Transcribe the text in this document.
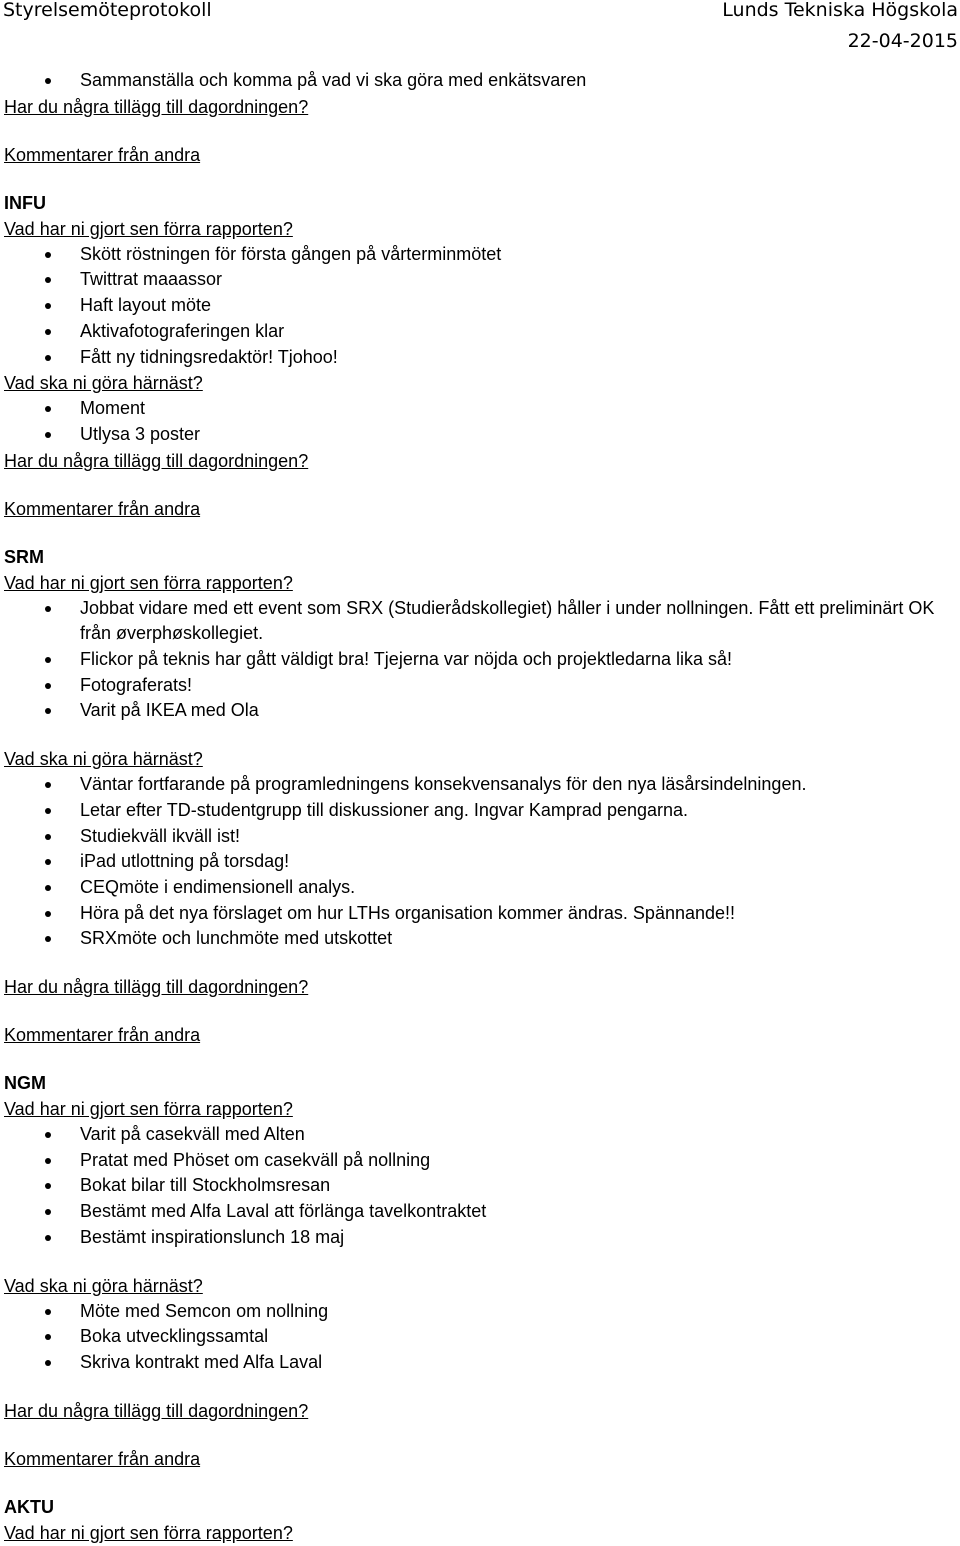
Styrelsemöteprotokoll	Lunds Tekniska Högskola
22-04-2015
Sammanställa och komma på vad vi ska göra med enkätsvaren
Har du några tillägg till dagordningen?
Kommentarer från andra
INFU
Vad har ni gjort sen förra rapporten?
Skött röstningen för första gången på vårterminmötet
Twittrat maaassor
Haft layout möte
Aktivafotograferingen klar
Fått ny tidningsredaktör! Tjohoo!
Vad ska ni göra härnäst?
Moment
Utlysa 3 poster
Har du några tillägg till dagordningen?
Kommentarer från andra
SRM
Vad har ni gjort sen förra rapporten?
Jobbat vidare med ett event som SRX (Studierådskollegiet) håller i under nollningen. Fått ett preliminärt OK från øverphøskollegiet.
Flickor på teknis har gått väldigt bra! Tjejerna var nöjda och projektledarna lika så!
Fotograferats!
Varit på IKEA med Ola
Vad ska ni göra härnäst?
Väntar fortfarande på programledningens konsekvensanalys för den nya läsårsindelningen.
Letar efter TD-studentgrupp till diskussioner ang. Ingvar Kamprad pengarna.
Studiekväll ikväll ist!
iPad utlottning på torsdag!
CEQmöte i endimensionell analys.
Höra på det nya förslaget om hur LTHs organisation kommer ändras. Spännande!!
SRXmöte och lunchmöte med utskottet
Har du några tillägg till dagordningen?
Kommentarer från andra
NGM
Vad har ni gjort sen förra rapporten?
Varit på casekväll med Alten
Pratat med Phöset om casekväll på nollning
Bokat bilar till Stockholmsresan
Bestämt med Alfa Laval att förlänga tavelkontraktet
Bestämt inspirationslunch 18 maj
Vad ska ni göra härnäst?
Möte med Semcon om nollning
Boka utvecklingssamtal
Skriva kontrakt med Alfa Laval
Har du några tillägg till dagordningen?
Kommentarer från andra
AKTU
Vad har ni gjort sen förra rapporten?
